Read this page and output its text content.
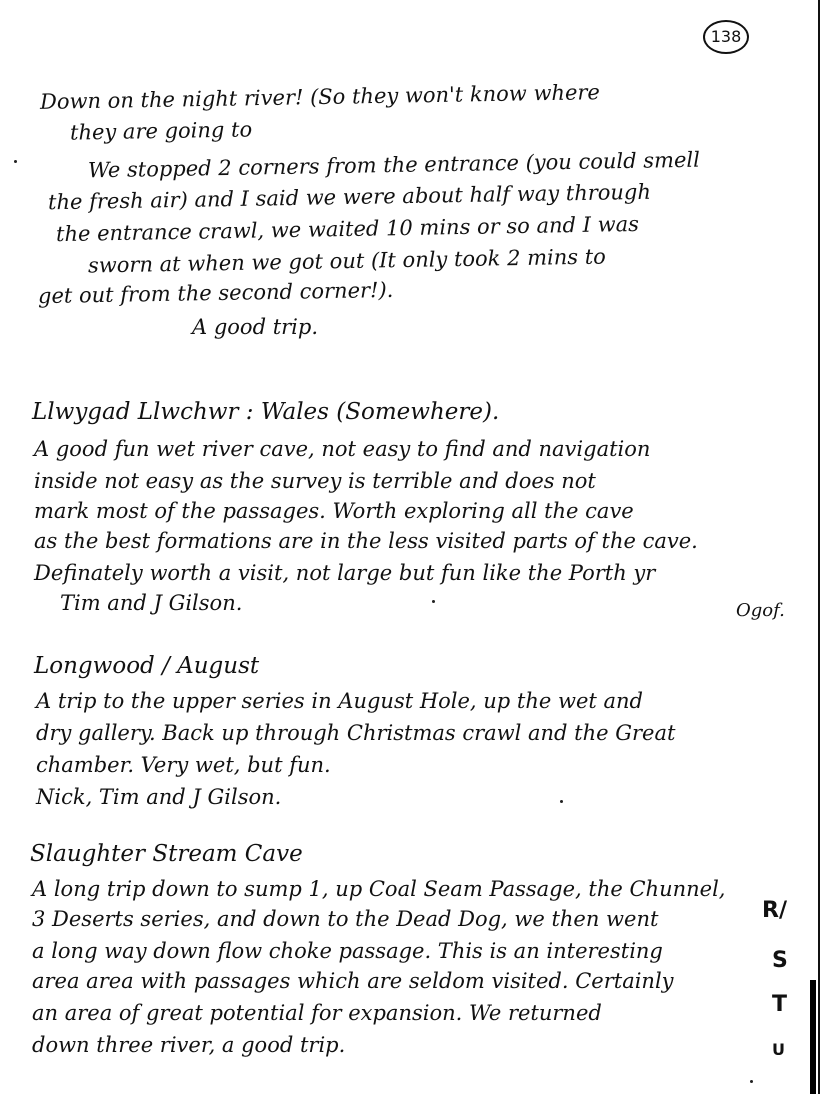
138
Down on the night river! (So they won't know where
they are going to
We stopped 2 corners from the entrance (you could smell
the fresh air) and I said we were about half way through
the entrance crawl, we waited 10 mins or so and I was
sworn at when we got out (It only took 2 mins to
get out from the second corner!).
A good trip.
Llwygad Llwchwr : Wales (Somewhere).
A good fun wet river cave, not easy to find and navigation
inside not easy as the survey is terrible and does not
mark most of the passages. Worth exploring all the cave
as the best formations are in the less visited parts of the cave.
Definately worth a visit, not large but fun like the Porth yr
Tim and J Gilson.	Ogof.
Longwood / August
A trip to the upper series in August Hole, up the wet and
dry gallery. Back up through Christmas crawl and the Great
chamber. Very wet, but fun.
Nick, Tim and J Gilson.
Slaughter Stream Cave
A long trip down to sump 1, up Coal Seam Passage, the Chunnel,
3 Deserts series, and down to the Dead Dog, we then went
a long way down flow choke passage. This is an interesting
area area with passages which are seldom visited. Certainly
an area of great potential for expansion. We returned
down three river, a good trip.
R/
S
T
U
